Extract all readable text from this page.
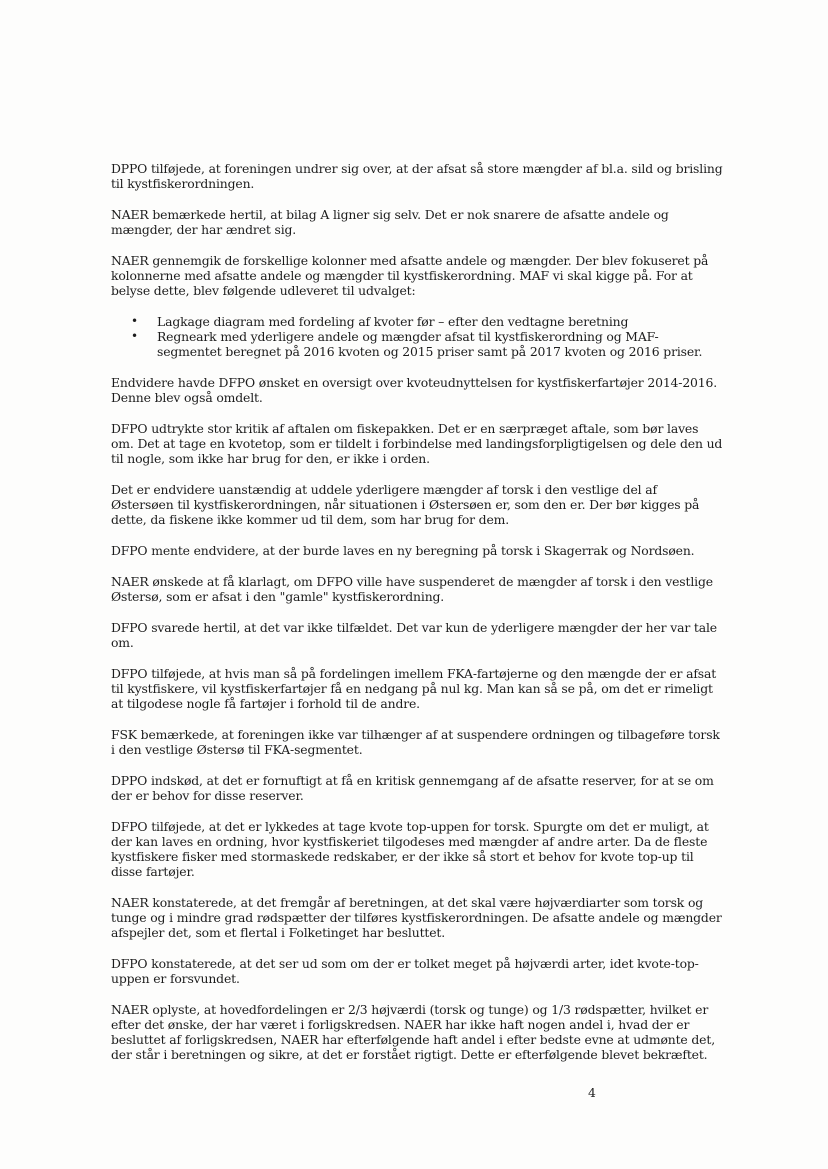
DPPO tilføjede, at foreningen undrer sig over, at der afsat så store mængder af bl.a. sild og brisling til kystfiskerordningen.

NAER bemærkede hertil, at bilag A ligner sig selv. Det er nok snarere de afsatte andele og mængder, der har ændret sig.

NAER gennemgik de forskellige kolonner med afsatte andele og mængder. Der blev fokuseret på kolonnerne med afsatte andele og mængder til kystfiskerordning. MAF vi skal kigge på. For at belyse dette, blev følgende udleveret til udvalget:

• Lagkage diagram med fordeling af kvoter før – efter den vedtagne beretning
• Regneark med yderligere andele og mængder afsat til kystfiskerordning og MAF-segmentet beregnet på 2016 kvoten og 2015 priser samt på 2017 kvoten og 2016 priser.

Endvidere havde DFPO ønsket en oversigt over kvoteudnyttelsen for kystfiskerfartøjer 2014-2016. Denne blev også omdelt.

DFPO udtrykte stor kritik af aftalen om fiskepakken. Det er en særpræget aftale, som bør laves om. Det at tage en kvotetop, som er tildelt i forbindelse med landingsforpligtigelsen og dele den ud til nogle, som ikke har brug for den, er ikke i orden.

Det er endvidere uanstændig at uddele yderligere mængder af torsk i den vestlige del af Østersøen til kystfiskerordningen, når situationen i Østersøen er, som den er. Der bør kigges på dette, da fiskene ikke kommer ud til dem, som har brug for dem.

DFPO mente endvidere, at der burde laves en ny beregning på torsk i Skagerrak og Nordsøen.

NAER ønskede at få klarlagt, om DFPO ville have suspenderet de mængder af torsk i den vestlige Østersø, som er afsat i den "gamle" kystfiskerordning.

DFPO svarede hertil, at det var ikke tilfældet. Det var kun de yderligere mængder der her var tale om.

DFPO tilføjede, at hvis man så på fordelingen imellem FKA-fartøjerne og den mængde der er afsat til kystfiskere, vil kystfiskerfartøjer få en nedgang på nul kg. Man kan så se på, om det er rimeligt at tilgodese nogle få fartøjer i forhold til de andre.

FSK bemærkede, at foreningen ikke var tilhænger af at suspendere ordningen og tilbageføre torsk i den vestlige Østersø til FKA-segmentet.

DPPO indskød, at det er fornuftigt at få en kritisk gennemgang af de afsatte reserver, for at se om der er behov for disse reserver.

DFPO tilføjede, at det er lykkedes at tage kvote top-uppen for torsk. Spurgte om det er muligt, at der kan laves en ordning, hvor kystfiskeriet tilgodeses med mængder af andre arter. Da de fleste kystfiskere fisker med stormaskede redskaber, er der ikke så stort et behov for kvote top-up til disse fartøjer.

NAER konstaterede, at det fremgår af beretningen, at det skal være højværdiarter som torsk og tunge og i mindre grad rødspætter der tilføres kystfiskerordningen. De afsatte andele og mængder afspejler det, som et flertal i Folketinget har besluttet.

DFPO konstaterede, at det ser ud som om der er tolket meget på højværdi arter, idet kvote-top-uppen er forsvundet.

NAER oplyste, at hovedfordelingen er 2/3 højværdi (torsk og tunge) og 1/3 rødspætter, hvilket er efter det ønske, der har været i forligskredsen. NAER har ikke haft nogen andel i, hvad der er besluttet af forligskredsen, NAER har efterfølgende haft andel i efter bedste evne at udmønte det, der står i beretningen og sikre, at det er forstået rigtigt. Dette er efterfølgende blevet bekræftet.

4
